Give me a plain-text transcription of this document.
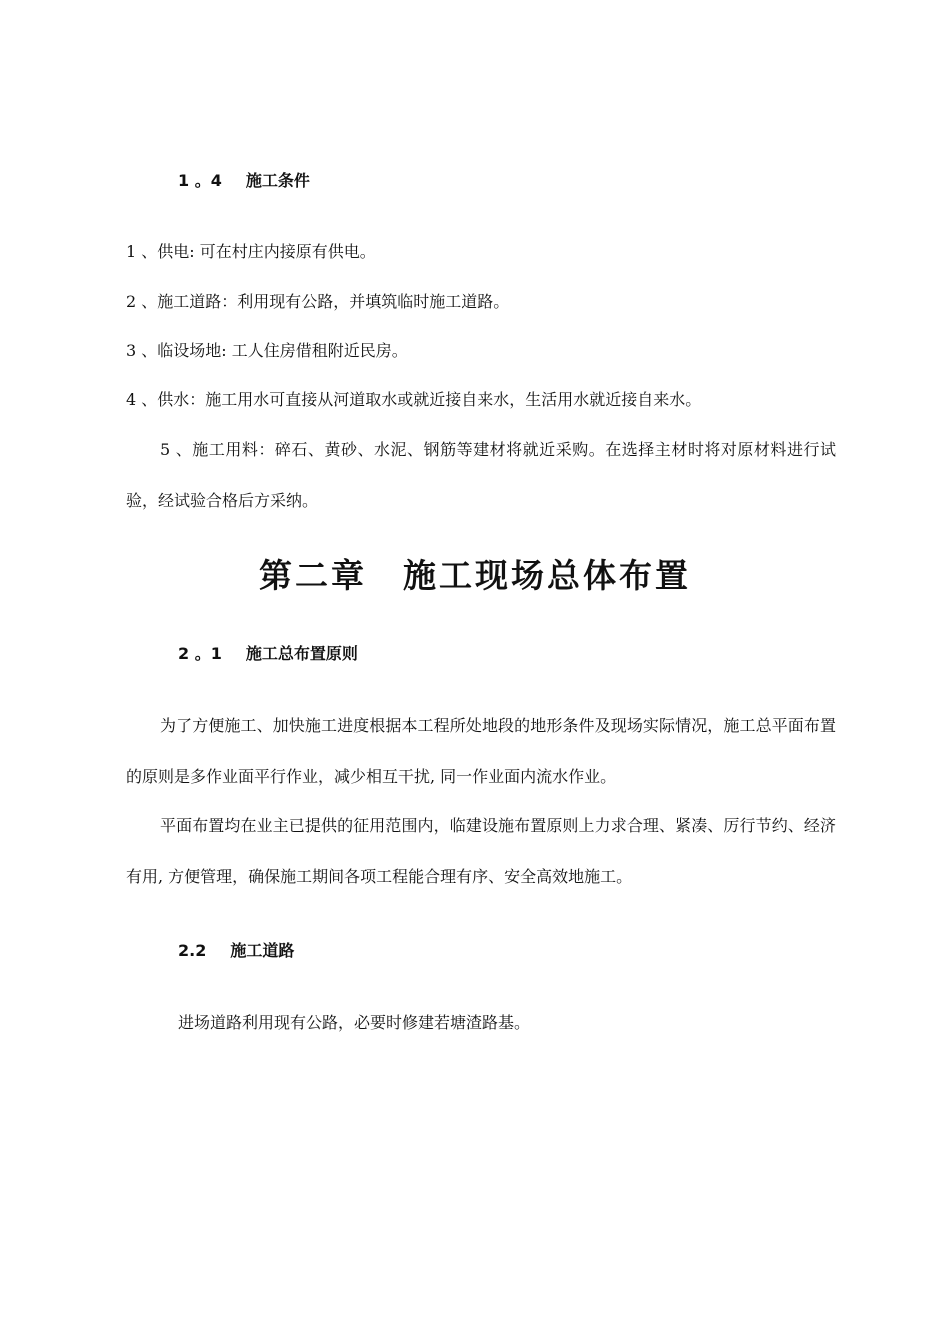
1 。4 施工条件

1 、供电: 可在村庄内接原有供电。

2 、施工道路：利用现有公路，并填筑临时施工道路。

3 、临设场地: 工人住房借租附近民房。

4 、供水：施工用水可直接从河道取水或就近接自来水，生活用水就近接自来水。

5 、施工用料：碎石、黄砂、水泥、钢筋等建材将就近采购。在选择主材时将对原材料进行试验，经试验合格后方采纳。

第二章 施工现场总体布置
2 。1 施工总布置原则

为了方便施工、加快施工进度根据本工程所处地段的地形条件及现场实际情况，施工总平面布置的原则是多作业面平行作业，减少相互干扰, 同一作业面内流水作业。

平面布置均在业主已提供的征用范围内，临建设施布置原则上力求合理、紧凑、厉行节约、经济有用, 方便管理，确保施工期间各项工程能合理有序、安全高效地施工。

2.2 施工道路

进场道路利用现有公路，必要时修建若塘渣路基。
